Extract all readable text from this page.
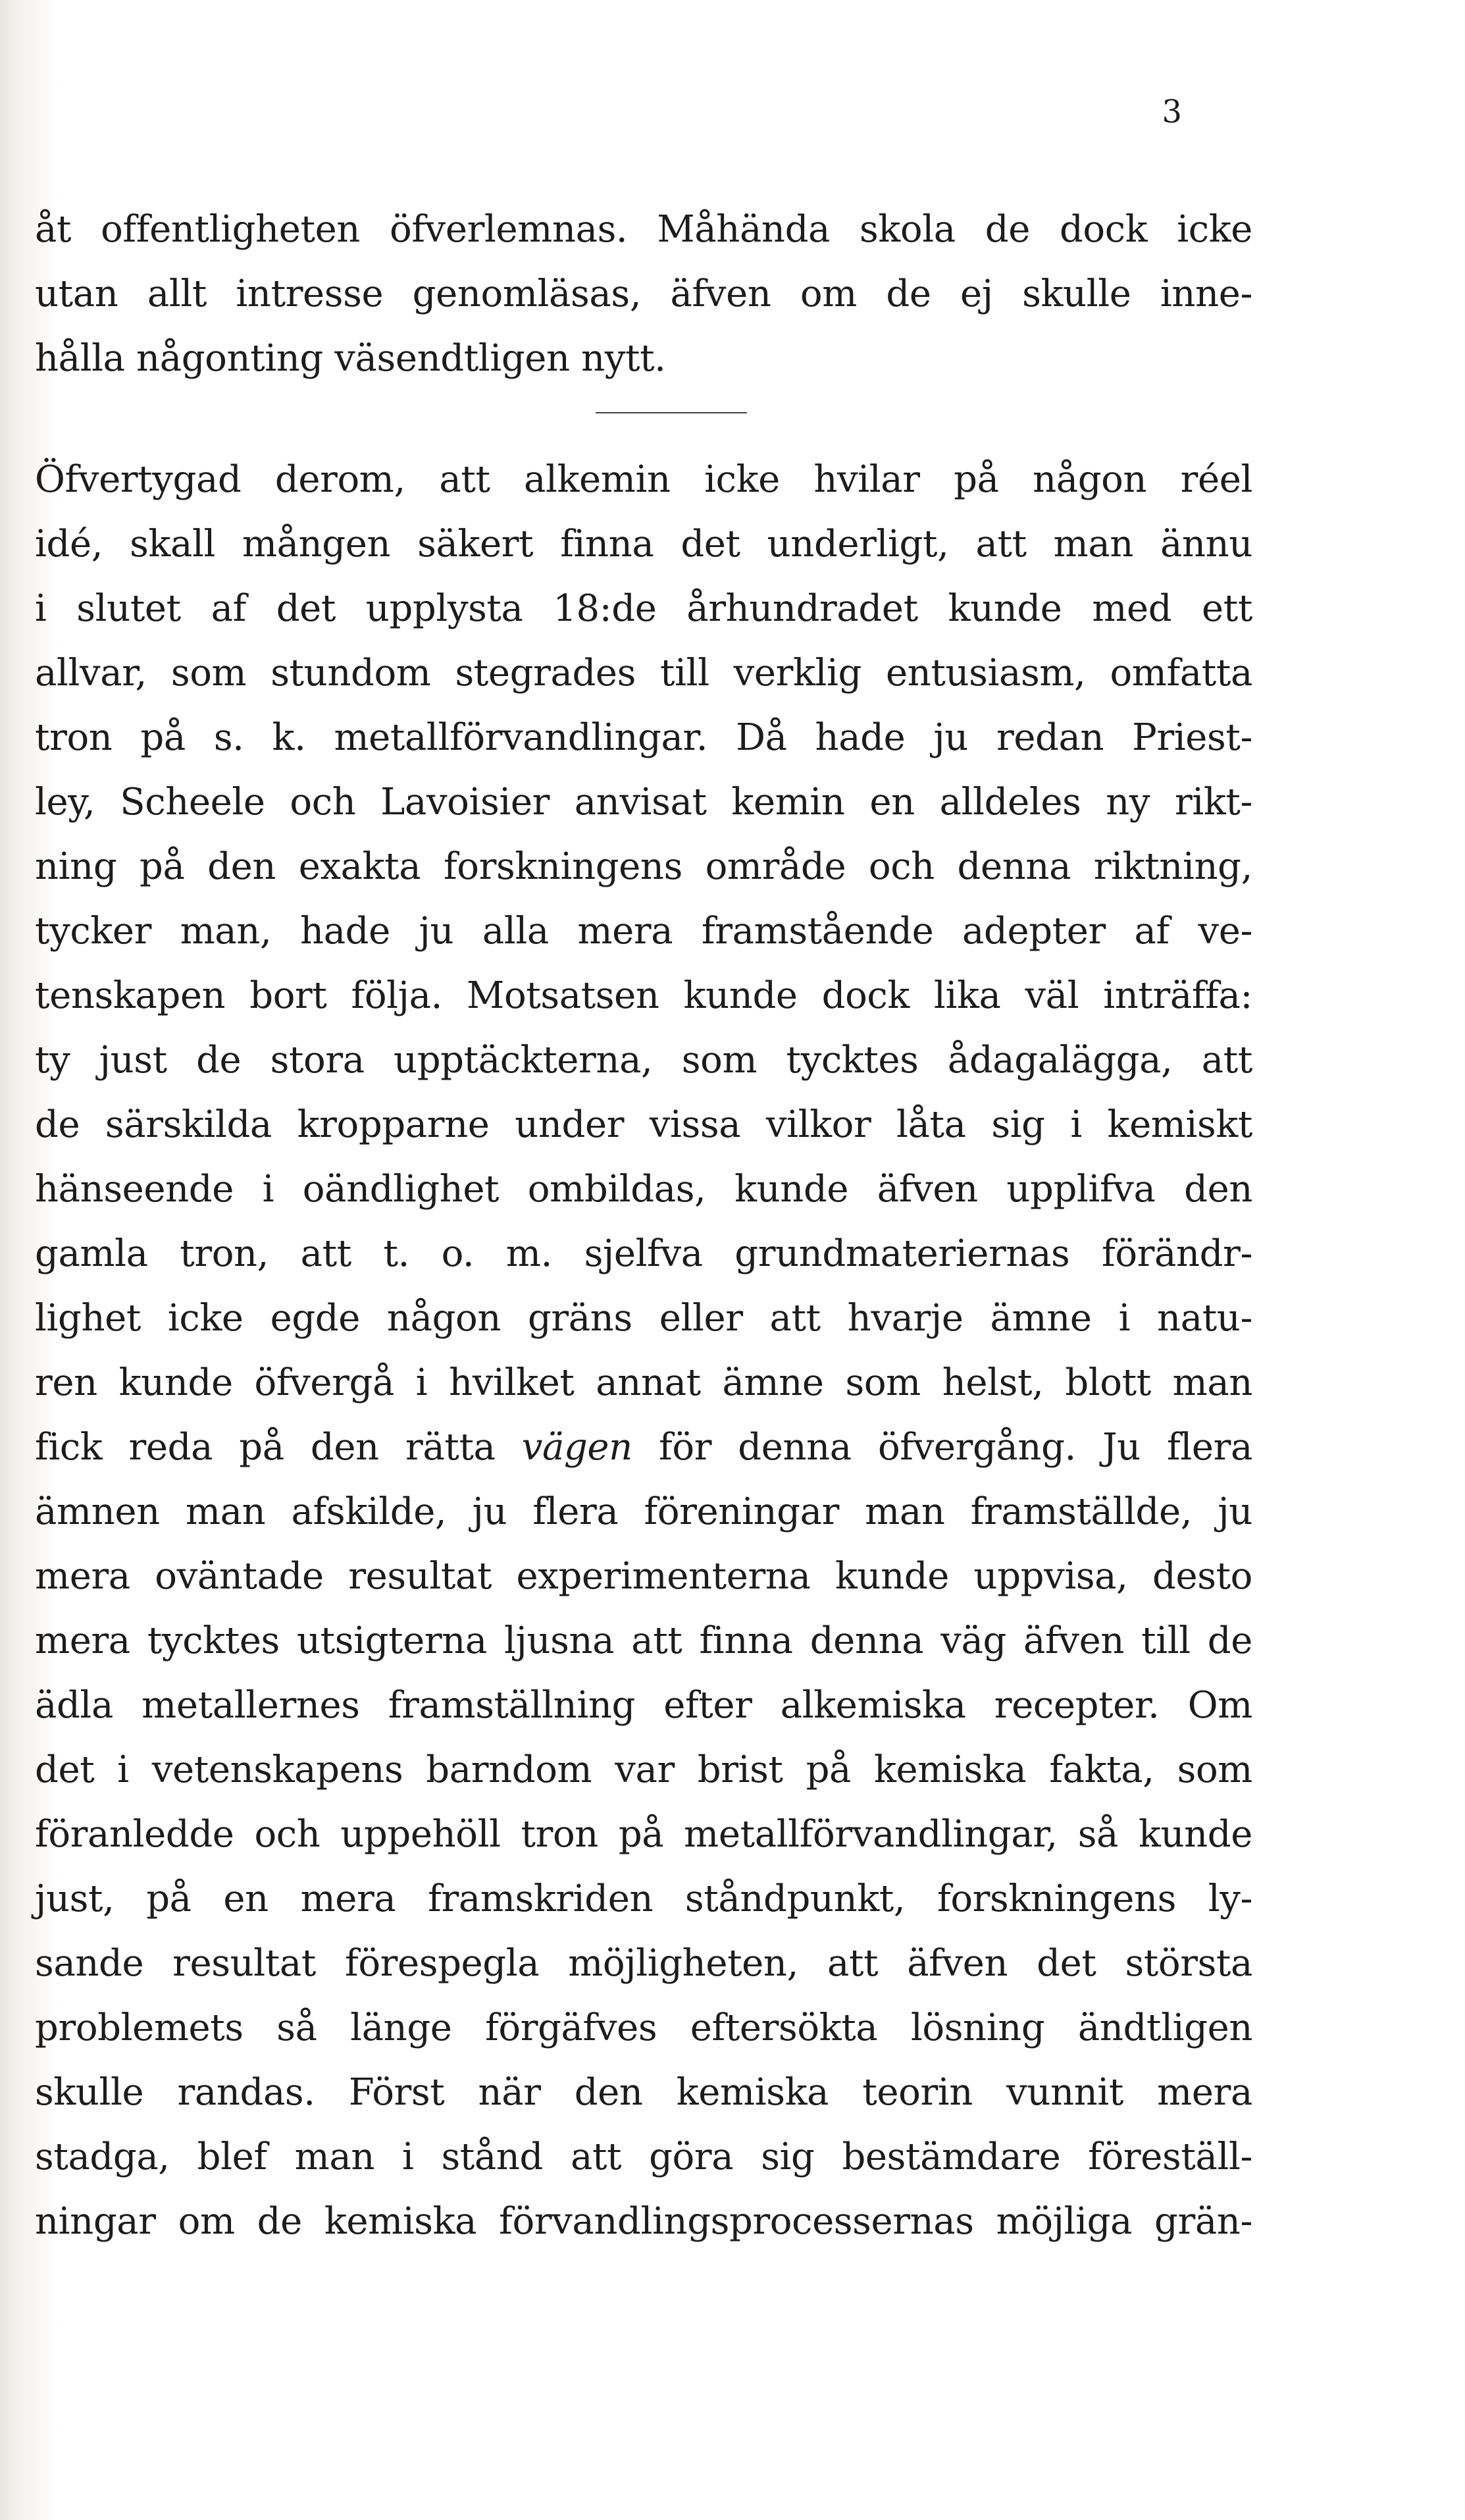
3
åt offentligheten öfverlemnas. Måhända skola de dock icke
utan allt intresse genomläsas, äfven om de ej skulle inne-
hålla någonting väsendtligen nytt.
Öfvertygad derom, att alkemin icke hvilar på någon réel
idé, skall mången säkert finna det underligt, att man ännu
i slutet af det upplysta 18:de århundradet kunde med ett
allvar, som stundom stegrades till verklig entusiasm, omfatta
tron på s. k. metallförvandlingar. Då hade ju redan Priest-
ley, Scheele och Lavoisier anvisat kemin en alldeles ny rikt-
ning på den exakta forskningens område och denna riktning,
tycker man, hade ju alla mera framstående adepter af ve-
tenskapen bort följa. Motsatsen kunde dock lika väl inträffa:
ty just de stora upptäckterna, som tycktes ådagalägga, att
de särskilda kropparne under vissa vilkor låta sig i kemiskt
hänseende i oändlighet ombildas, kunde äfven upplifva den
gamla tron, att t. o. m. sjelfva grundmateriernas förändr-
lighet icke egde någon gräns eller att hvarje ämne i natu-
ren kunde öfvergå i hvilket annat ämne som helst, blott man
fick reda på den rätta vägen för denna öfvergång. Ju flera
ämnen man afskilde, ju flera föreningar man framställde, ju
mera oväntade resultat experimenterna kunde uppvisa, desto
mera tycktes utsigterna ljusna att finna denna väg äfven till de
ädla metallernes framställning efter alkemiska recepter. Om
det i vetenskapens barndom var brist på kemiska fakta, som
föranledde och uppehöll tron på metallförvandlingar, så kunde
just, på en mera framskriden ståndpunkt, forskningens ly-
sande resultat förespegla möjligheten, att äfven det största
problemets så länge förgäfves eftersökta lösning ändtligen
skulle randas. Först när den kemiska teorin vunnit mera
stadga, blef man i stånd att göra sig bestämdare föreställ-
ningar om de kemiska förvandlingsprocessernas möjliga grän-
